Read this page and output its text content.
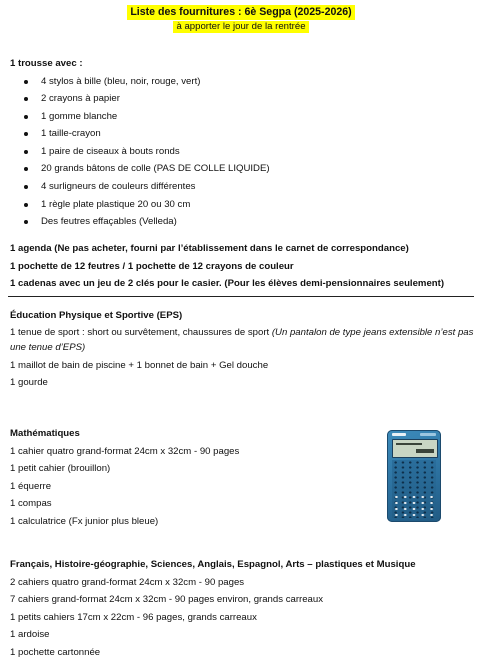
Liste des fournitures : 6è Segpa (2025-2026)
à apporter le jour de la rentrée
1 trousse avec :
4 stylos à bille (bleu, noir, rouge, vert)
2 crayons à papier
1 gomme blanche
1 taille-crayon
1 paire de ciseaux à bouts ronds
20 grands bâtons de colle (PAS DE COLLE LIQUIDE)
4 surligneurs de couleurs différentes
1 règle plate plastique 20 ou 30 cm
Des feutres effaçables (Velleda)
1 agenda (Ne pas acheter, fourni par l’établissement dans le carnet de correspondance)
1 pochette de 12 feutres / 1 pochette de 12 crayons de couleur
1 cadenas avec un jeu de 2 clés pour le casier. (Pour les élèves demi-pensionnaires seulement)
Éducation Physique et Sportive (EPS)
1 tenue de sport : short ou survêtement, chaussures de sport (Un pantalon de type jeans extensible n’est pas une tenue d’EPS)
1 maillot de bain de piscine + 1 bonnet de bain + Gel douche
1 gourde
Mathématiques
1 cahier quatro grand-format 24cm x 32cm - 90 pages
1 petit cahier (brouillon)
1 équerre
1 compas
1 calculatrice (Fx junior plus bleue)
Français, Histoire-géographie, Sciences, Anglais, Espagnol, Arts – plastiques et Musique
2 cahiers quatro grand-format 24cm x 32cm - 90 pages
7 cahiers grand-format 24cm x 32cm - 90 pages environ, grands carreaux
1 petits cahiers 17cm x 22cm - 96 pages, grands carreaux
1 ardoise
1 pochette cartonnée
